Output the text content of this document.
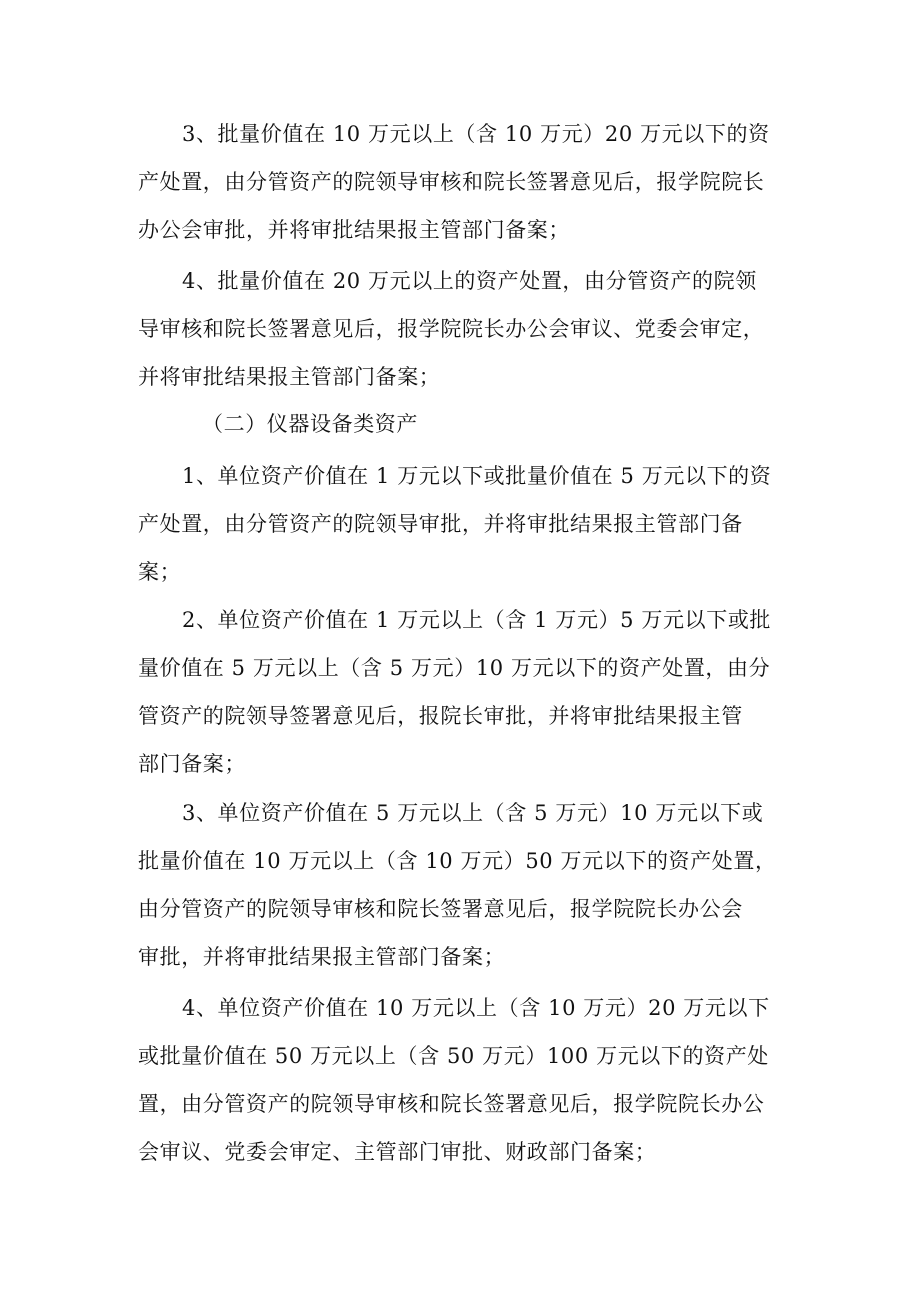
3、批量价值在 10 万元以上（含 10 万元）20 万元以下的资
产处置，由分管资产的院领导审核和院长签署意见后，报学院院长
办公会审批，并将审批结果报主管部门备案；
4、批量价值在 20 万元以上的资产处置，由分管资产的院领
导审核和院长签署意见后，报学院院长办公会审议、党委会审定，
并将审批结果报主管部门备案；
（二）仪器设备类资产
1、单位资产价值在 1 万元以下或批量价值在 5 万元以下的资
产处置，由分管资产的院领导审批，并将审批结果报主管部门备
案；
2、单位资产价值在 1 万元以上（含 1 万元）5 万元以下或批
量价值在 5 万元以上（含 5 万元）10 万元以下的资产处置，由分
管资产的院领导签署意见后，报院长审批，并将审批结果报主管
部门备案；
3、单位资产价值在 5 万元以上（含 5 万元）10 万元以下或
批量价值在 10 万元以上（含 10 万元）50 万元以下的资产处置，
由分管资产的院领导审核和院长签署意见后，报学院院长办公会
审批，并将审批结果报主管部门备案；
4、单位资产价值在 10 万元以上（含 10 万元）20 万元以下
或批量价值在 50 万元以上（含 50 万元）100 万元以下的资产处
置，由分管资产的院领导审核和院长签署意见后，报学院院长办公
会审议、党委会审定、主管部门审批、财政部门备案；
